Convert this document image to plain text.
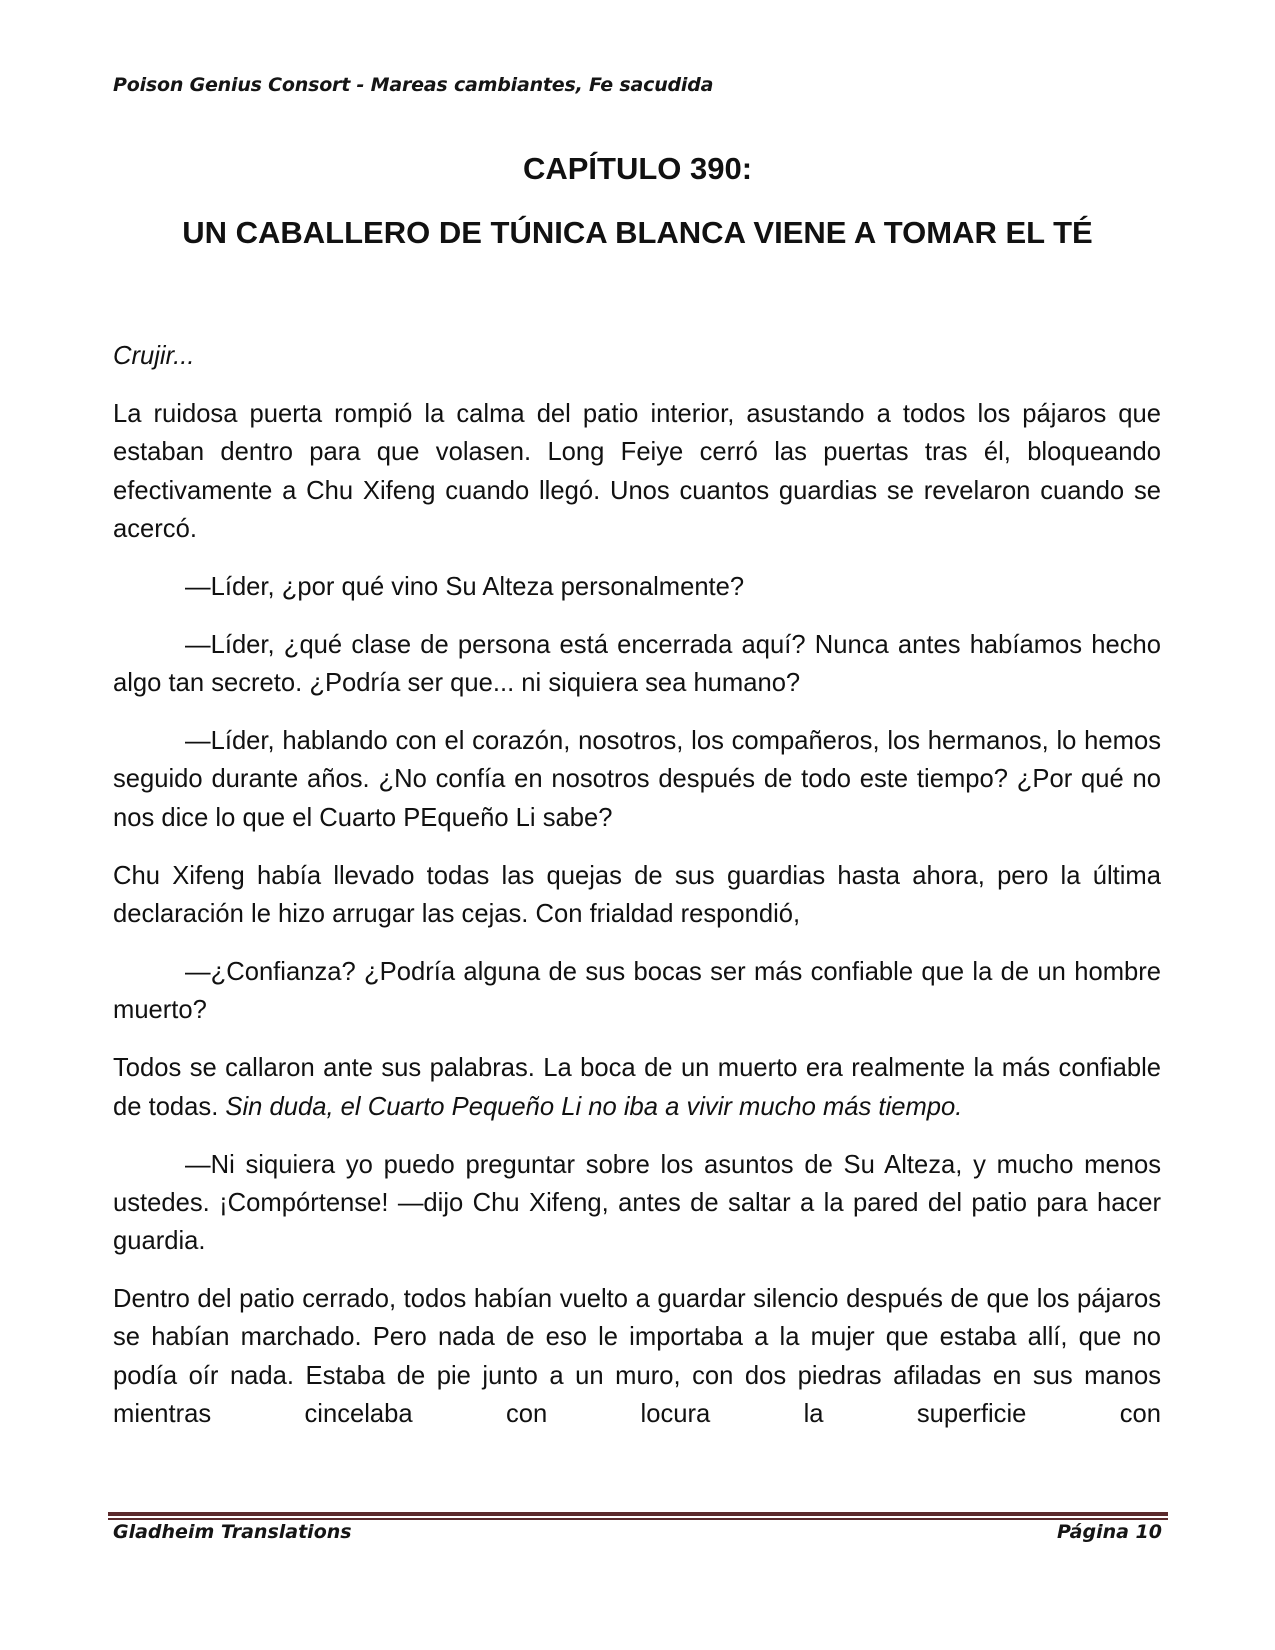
Poison Genius Consort - Mareas cambiantes, Fe sacudida
CAPÍTULO 390:
UN CABALLERO DE TÚNICA BLANCA VIENE A TOMAR EL TÉ

Crujir...

La ruidosa puerta rompió la calma del patio interior, asustando a todos los pájaros que estaban dentro para que volasen. Long Feiye cerró las puertas tras él, bloqueando efectivamente a Chu Xifeng cuando llegó. Unos cuantos guardias se revelaron cuando se acercó.

—Líder, ¿por qué vino Su Alteza personalmente?

—Líder, ¿qué clase de persona está encerrada aquí? Nunca antes habíamos hecho algo tan secreto. ¿Podría ser que... ni siquiera sea humano?

—Líder, hablando con el corazón, nosotros, los compañeros, los hermanos, lo hemos seguido durante años. ¿No confía en nosotros después de todo este tiempo? ¿Por qué no nos dice lo que el Cuarto PEqueño Li sabe?

Chu Xifeng había llevado todas las quejas de sus guardias hasta ahora, pero la última declaración le hizo arrugar las cejas. Con frialdad respondió,

—¿Confianza? ¿Podría alguna de sus bocas ser más confiable que la de un hombre muerto?

Todos se callaron ante sus palabras. La boca de un muerto era realmente la más confiable de todas. Sin duda, el Cuarto Pequeño Li no iba a vivir mucho más tiempo.

—Ni siquiera yo puedo preguntar sobre los asuntos de Su Alteza, y mucho menos ustedes. ¡Compórtense! —dijo Chu Xifeng, antes de saltar a la pared del patio para hacer guardia.

Dentro del patio cerrado, todos habían vuelto a guardar silencio después de que los pájaros se habían marchado. Pero nada de eso le importaba a la mujer que estaba allí, que no podía oír nada. Estaba de pie junto a un muro, con dos piedras afiladas en sus manos mientras cincelaba con locura la superficie con

Gladheim Translations	Página 10
